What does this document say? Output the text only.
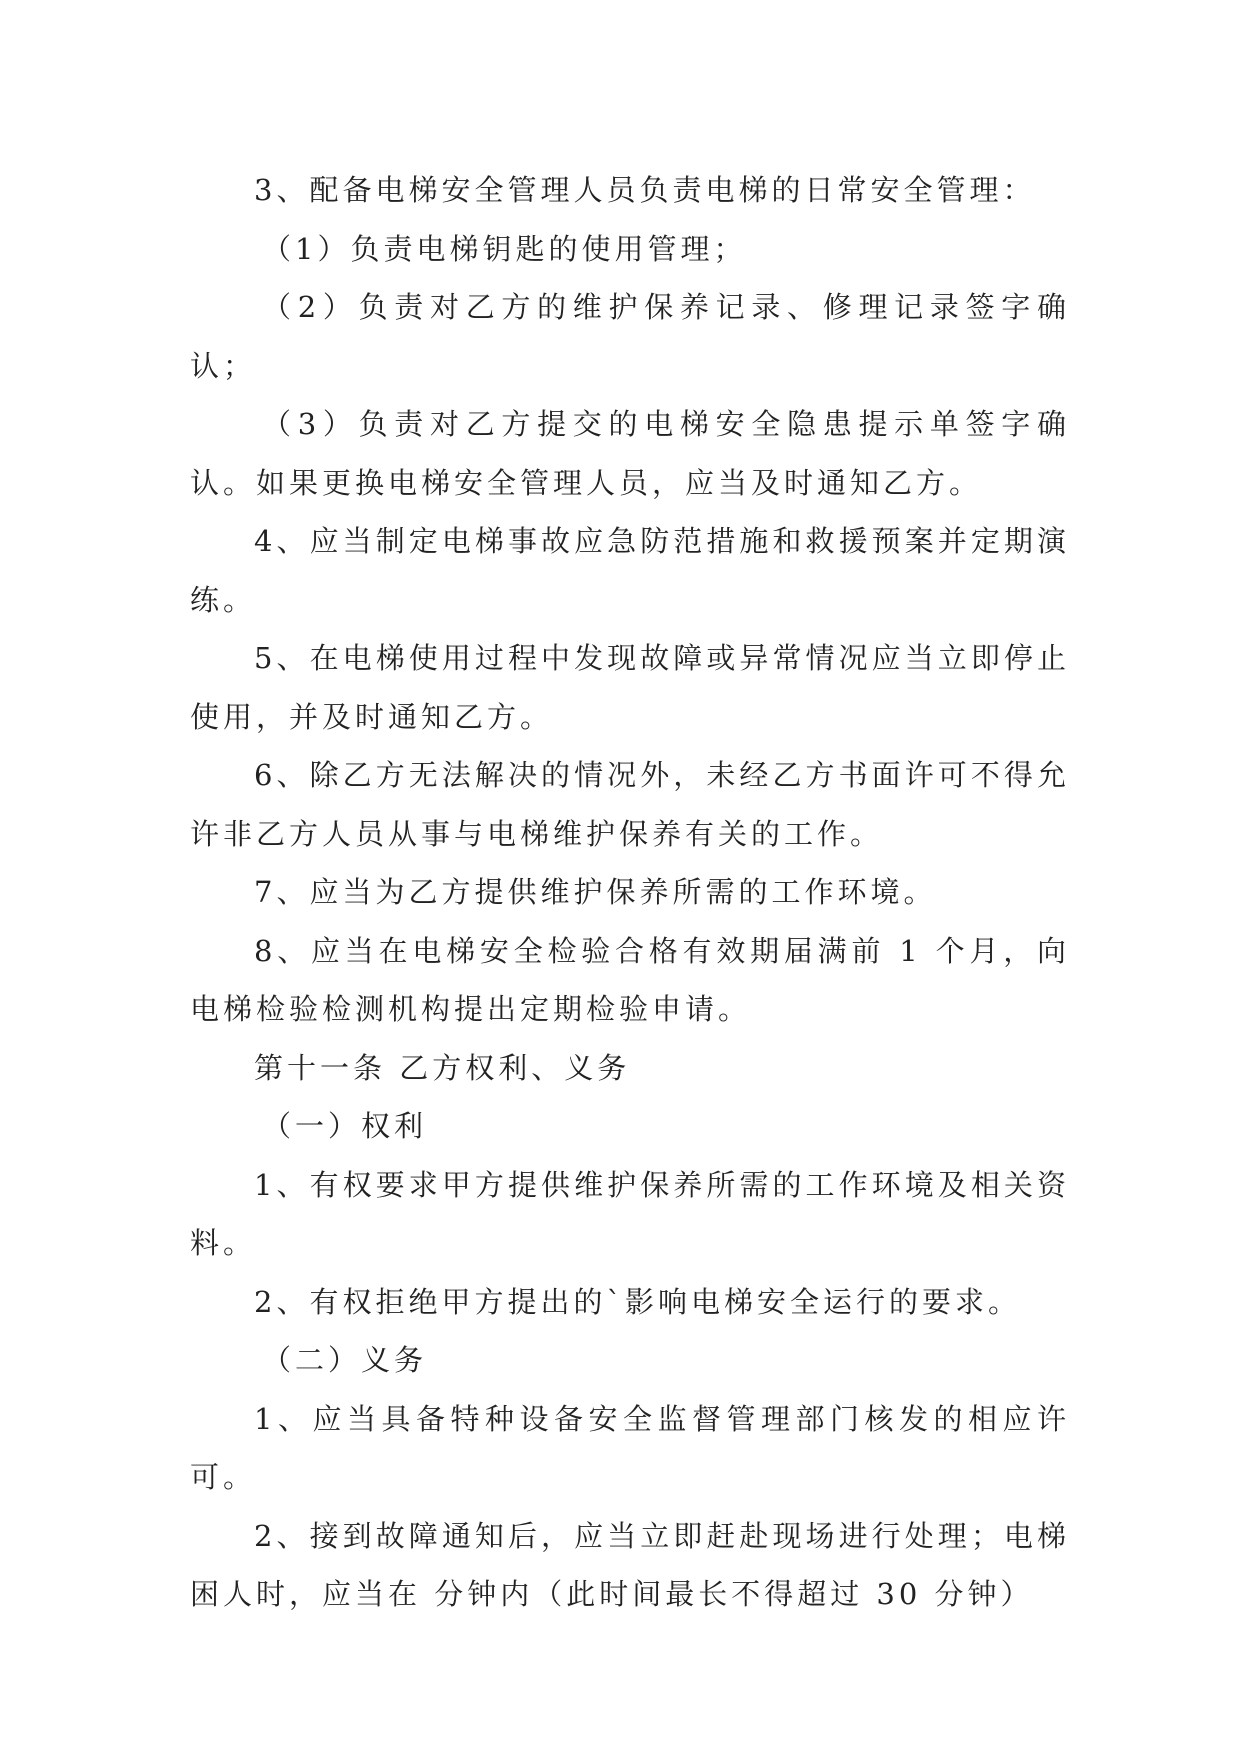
3、配备电梯安全管理人员负责电梯的日常安全管理：

（1）负责电梯钥匙的使用管理；

（2）负责对乙方的维护保养记录、修理记录签字确认；

（3）负责对乙方提交的电梯安全隐患提示单签字确认。如果更换电梯安全管理人员，应当及时通知乙方。

4、应当制定电梯事故应急防范措施和救援预案并定期演练。

5、在电梯使用过程中发现故障或异常情况应当立即停止使用，并及时通知乙方。

6、除乙方无法解决的情况外，未经乙方书面许可不得允许非乙方人员从事与电梯维护保养有关的工作。

7、应当为乙方提供维护保养所需的工作环境。

8、应当在电梯安全检验合格有效期届满前 1 个月，向电梯检验检测机构提出定期检验申请。

第十一条 乙方权利、义务

（一）权利

1、有权要求甲方提供维护保养所需的工作环境及相关资料。

2、有权拒绝甲方提出的`影响电梯安全运行的要求。

（二）义务

1、应当具备特种设备安全监督管理部门核发的相应许可。

2、接到故障通知后，应当立即赶赴现场进行处理；电梯困人时，应当在 分钟内（此时间最长不得超过 30 分钟）
